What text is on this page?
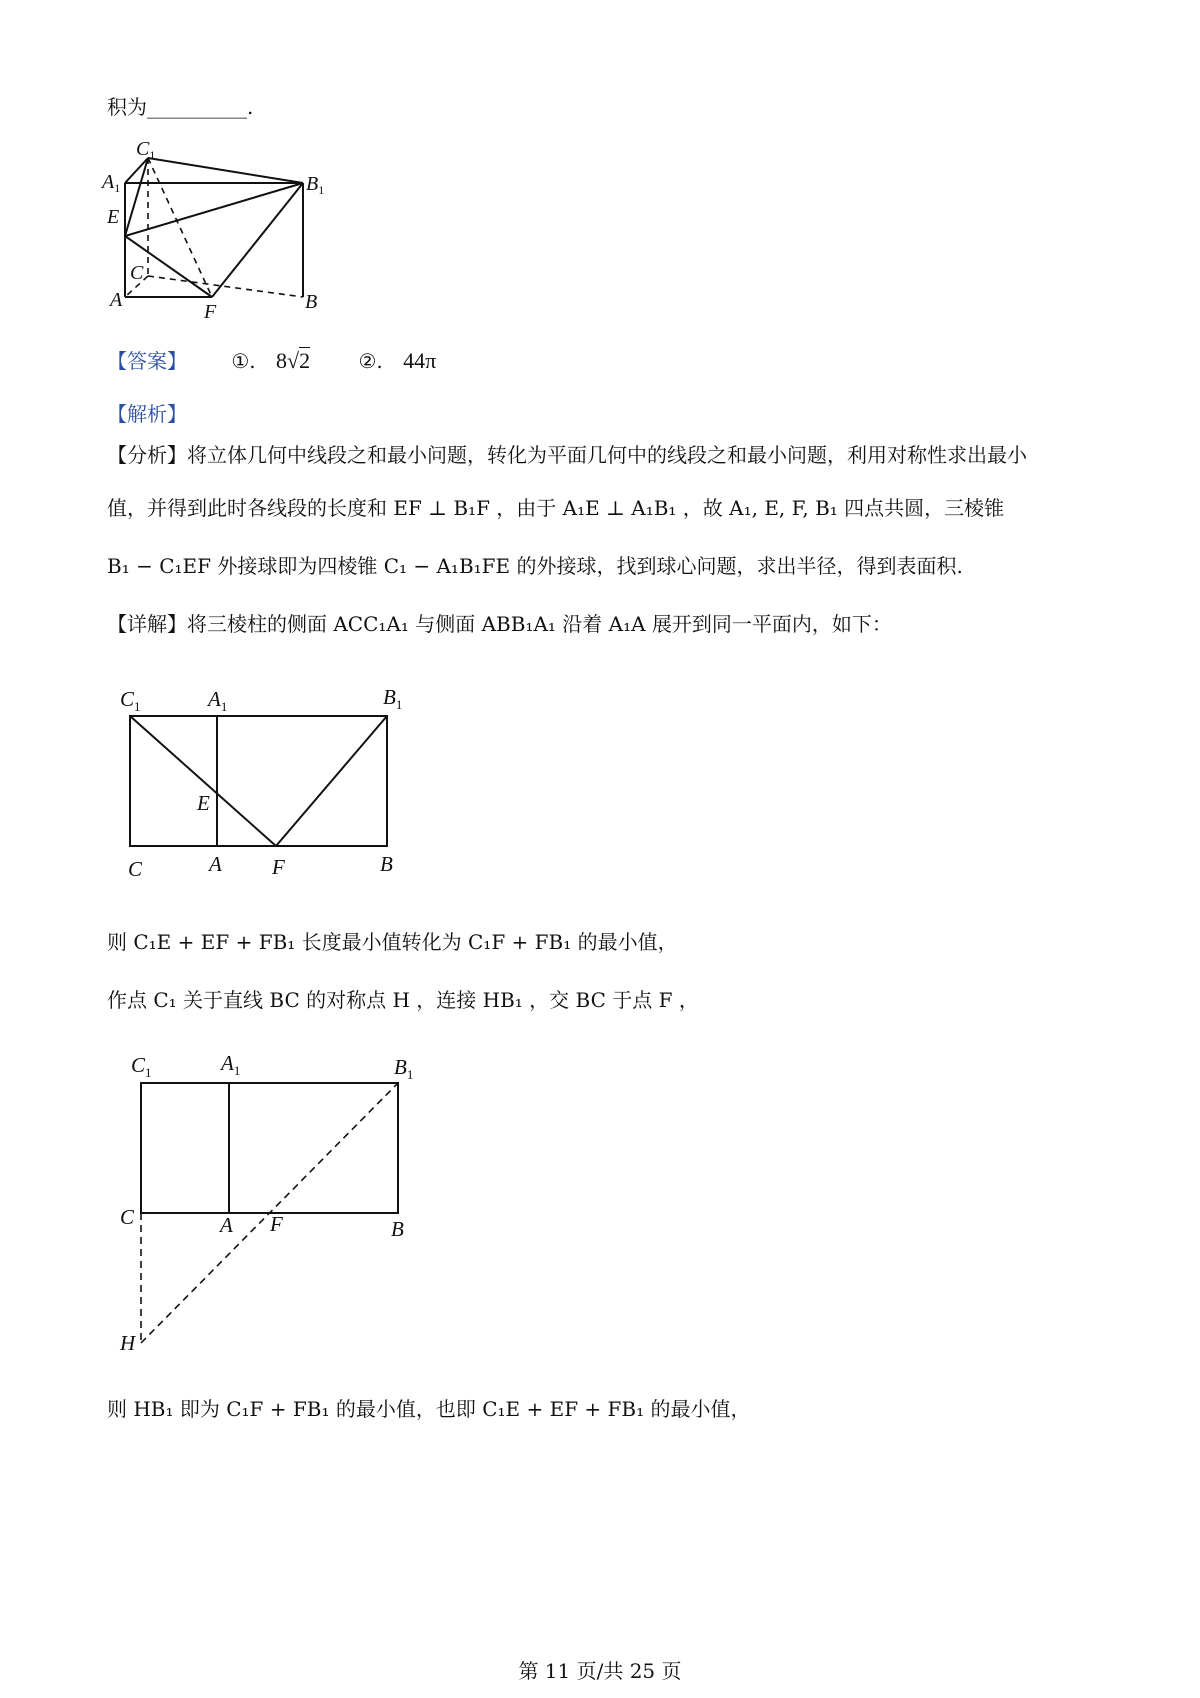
积为__________.
$C_1$
$A_1$	$B_1$
E
C
A
F	B
【答案】 ①. 8√2 ②. 44π
【解析】
【分析】将立体几何中线段之和最小问题，转化为平面几何中的线段之和最小问题，利用对称性求出最小
值，并得到此时各线段的长度和 EF ⊥ B₁F ，由于 A₁E ⊥ A₁B₁ ，故 A₁, E, F, B₁ 四点共圆，三棱锥
B₁ − C₁EF 外接球即为四棱锥 C₁ − A₁B₁FE 的外接球，找到球心问题，求出半径，得到表面积.
【详解】将三棱柱的侧面 ACC₁A₁ 与侧面 ABB₁A₁ 沿着 A₁A 展开到同一平面内，如下：
$C_1$	$A_1$	$B_1$
E
C	A F	B
则 C₁E + EF + FB₁ 长度最小值转化为 C₁F + FB₁ 的最小值，
作点 C₁ 关于直线 BC 的对称点 H ，连接 HB₁ ，交 BC 于点 F ，
$C_1$	$A_1$	$B_1$
C	A F	B
H
则 HB₁ 即为 C₁F + FB₁ 的最小值，也即 C₁E + EF + FB₁ 的最小值，
第 11 页/共 25 页
